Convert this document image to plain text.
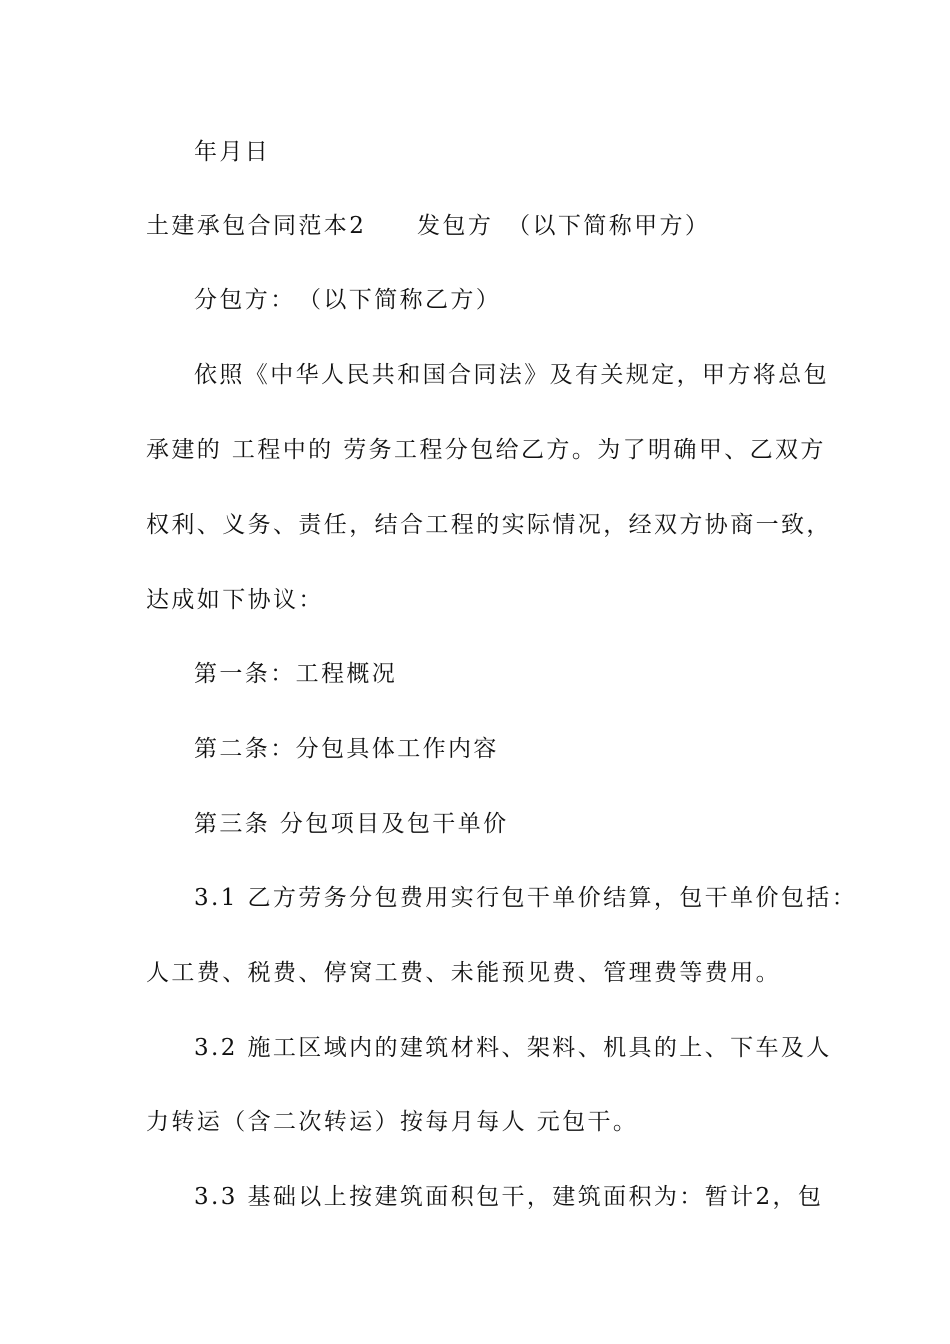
年月日
土建承包合同范本2　　发包方　（以下简称甲方）
分包方：　（以下简称乙方）
依照《中华人民共和国合同法》及有关规定，甲方将总包
承建的 工程中的 劳务工程分包给乙方。为了明确甲、乙双方
权利、义务、责任，结合工程的实际情况，经双方协商一致，
达成如下协议：
第一条：工程概况
第二条：分包具体工作内容
第三条 分包项目及包干单价
3.1 乙方劳务分包费用实行包干单价结算，包干单价包括：
人工费、税费、停窝工费、未能预见费、管理费等费用。
3.2 施工区域内的建筑材料、架料、机具的上、下车及人
力转运（含二次转运）按每月每人 元包干。
3.3 基础以上按建筑面积包干，建筑面积为：暂计2，包
